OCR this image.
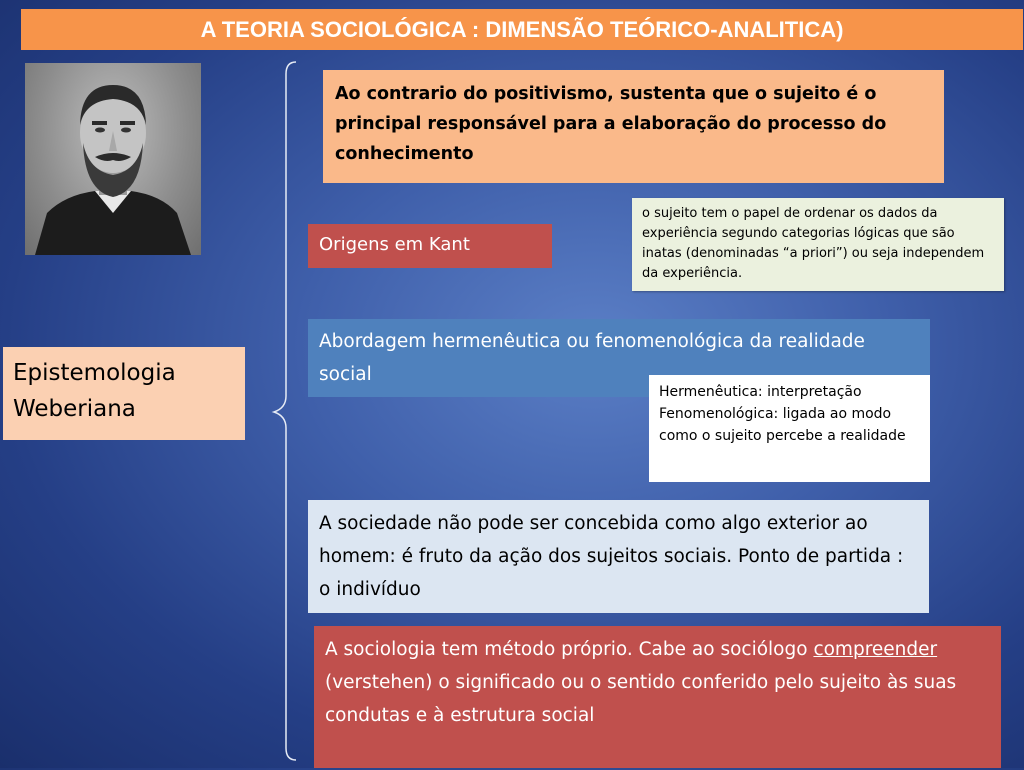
A TEORIA SOCIOLÓGICA : DIMENSÃO TEÓRICO-ANALITICA)
Epistemologia Weberiana
Ao contrario do positivismo, sustenta que o sujeito é o principal responsável para a elaboração do processo do conhecimento
o sujeito tem o papel de ordenar os dados da experiência segundo categorias lógicas que são inatas (denominadas “a priori”) ou seja independem da experiência.
Origens em Kant
Abordagem hermenêutica ou fenomenológica da realidade social
Hermenêutica: interpretação
Fenomenológica: ligada ao modo como o sujeito percebe a realidade
A sociedade não pode ser concebida como algo exterior ao homem: é fruto da ação dos sujeitos sociais. Ponto de partida : o indivíduo
A sociologia tem método próprio. Cabe ao sociólogo compreender (verstehen) o significado ou o sentido conferido pelo sujeito às suas condutas e à estrutura social
